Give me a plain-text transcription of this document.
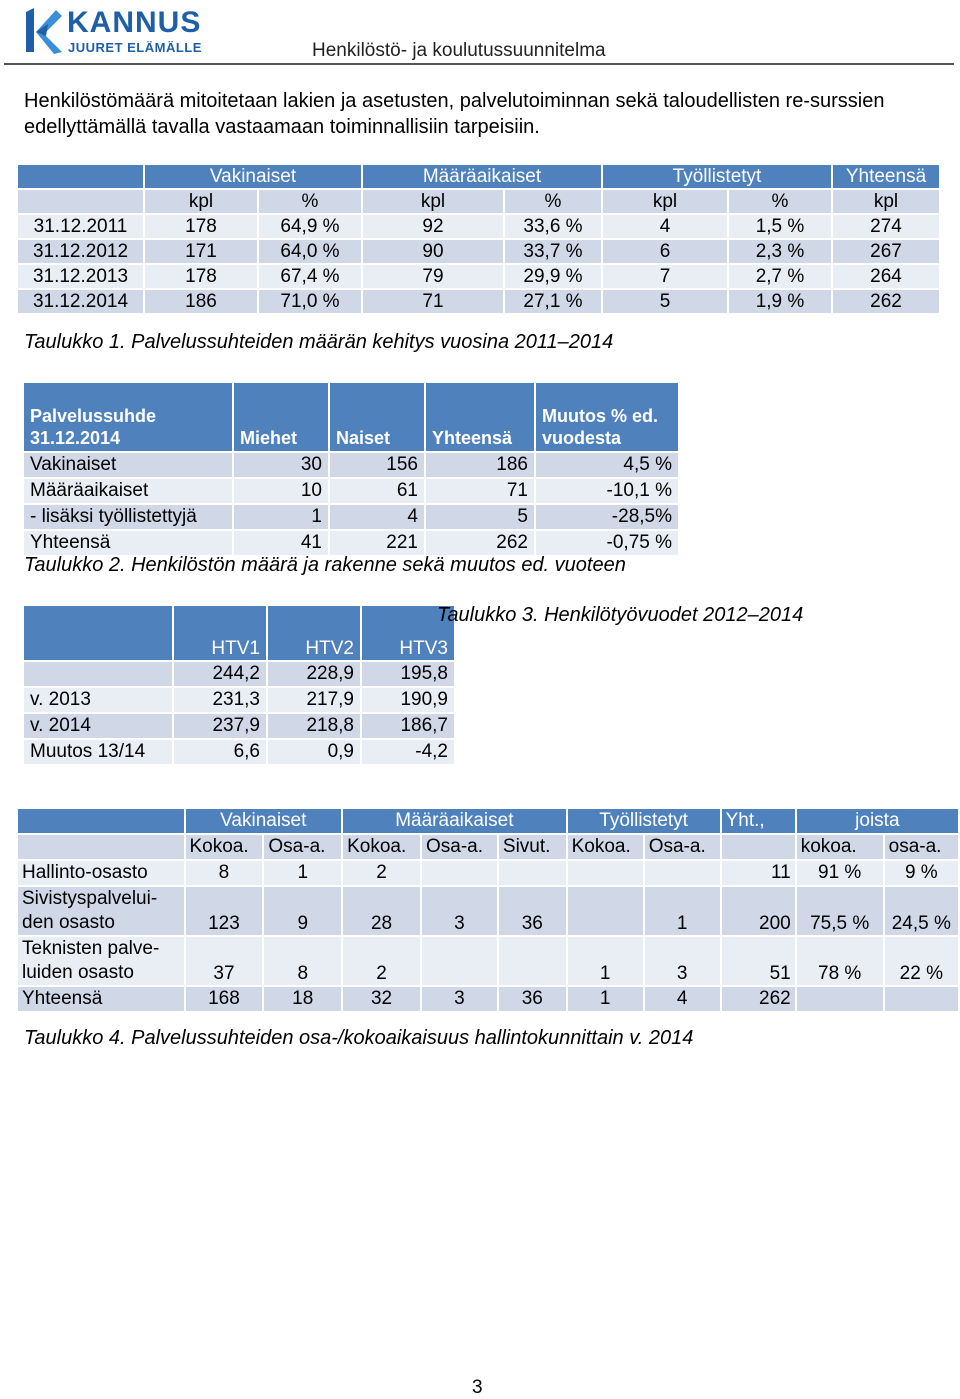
KANNUS
JUURET ELÄMÄLLE	Henkilöstö- ja koulutussuunnitelma
Henkilöstömäärä mitoitetaan lakien ja asetusten, palvelutoiminnan sekä taloudellisten re-surssien edellyttämällä tavalla vastaamaan toiminnallisiin tarpeisiin.
	Vakinaiset		Määräaikaiset		Työllistetyt		Yhteensä
	kpl	%	kpl	%	kpl	%	kpl
31.12.2011	178	64,9 %	92	33,6 %	4	1,5 %	274
31.12.2012	171	64,0 %	90	33,7 %	6	2,3 %	267
31.12.2013	178	67,4 %	79	29,9 %	7	2,7 %	264
31.12.2014	186	71,0 %	71	27,1 %	5	1,9 %	262
Taulukko 1. Palvelussuhteiden määrän kehitys vuosina 2011–2014
Palvelussuhde 31.12.2014	Miehet	Naiset	Yhteensä	Muutos % ed. vuodesta
Vakinaiset	30	156	186	4,5 %
Määräaikaiset	10	61	71	-10,1 %
- lisäksi työllistettyjä	1	4	5	-28,5%
Yhteensä	41	221	262	-0,75 %
Taulukko 2. Henkilöstön määrä ja rakenne sekä muutos ed. vuoteen
	HTV1	HTV2	HTV3
	244,2	228,9	195,8
v. 2013	231,3	217,9	190,9
v. 2014	237,9	218,8	186,7
Muutos 13/14	6,6	0,9	-4,2
Taulukko 3. Henkilötyövuodet 2012–2014
	Vakinaiset		Määräaikaiset			Työllistetyt		Yht.,	joista	
	Kokoa.	Osa-a.	Kokoa.	Osa-a.	Sivut.	Kokoa.	Osa-a.		kokoa.	osa-a.
Hallinto-osasto	8	1	2					11	91 %	9 %
Sivistyspalvelui-den osasto	123	9	28	3	36		1	200	75,5 %	24,5 %
Teknisten palve-luiden osasto	37	8	2			1	3	51	78 %	22 %
Yhteensä	168	18	32	3	36	1	4	262		
Taulukko 4. Palvelussuhteiden osa-/kokoaikaisuus hallintokunnittain v. 2014
3
